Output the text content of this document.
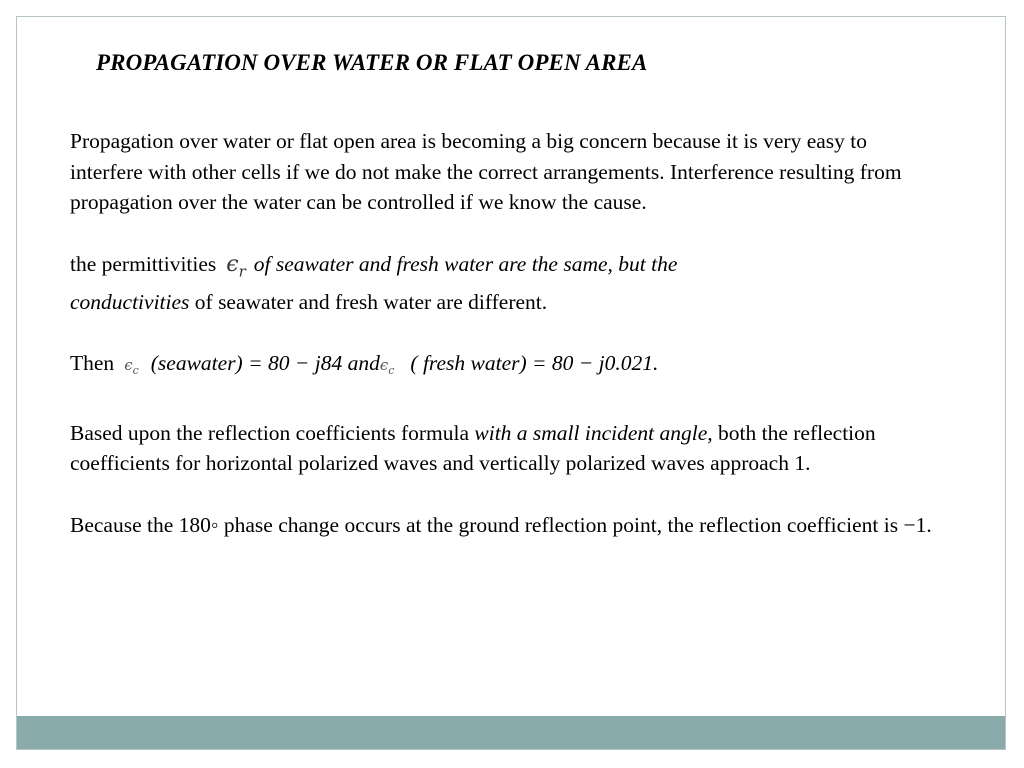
PROPAGATION OVER WATER OR FLAT OPEN AREA

Propagation over water or flat open area is becoming a big concern because it is very easy to interfere with other cells if we do not make the correct arrangements. Interference resulting from propagation over the water can be controlled if we know the cause.

the permittivities $\epsilon_r$ of seawater and fresh water are the same, but the
conductivities of seawater and fresh water are different.

Then $\epsilon_c$ (seawater) = 80 − j84 andϵ$_c$ ( fresh water) = 80 − j0.021.

Based upon the reflection coefficients formula with a small incident angle, both the reflection coefficients for horizontal polarized waves and vertically polarized waves approach 1.

Because the 180◦ phase change occurs at the ground reflection point, the reflection coefficient is −1.
